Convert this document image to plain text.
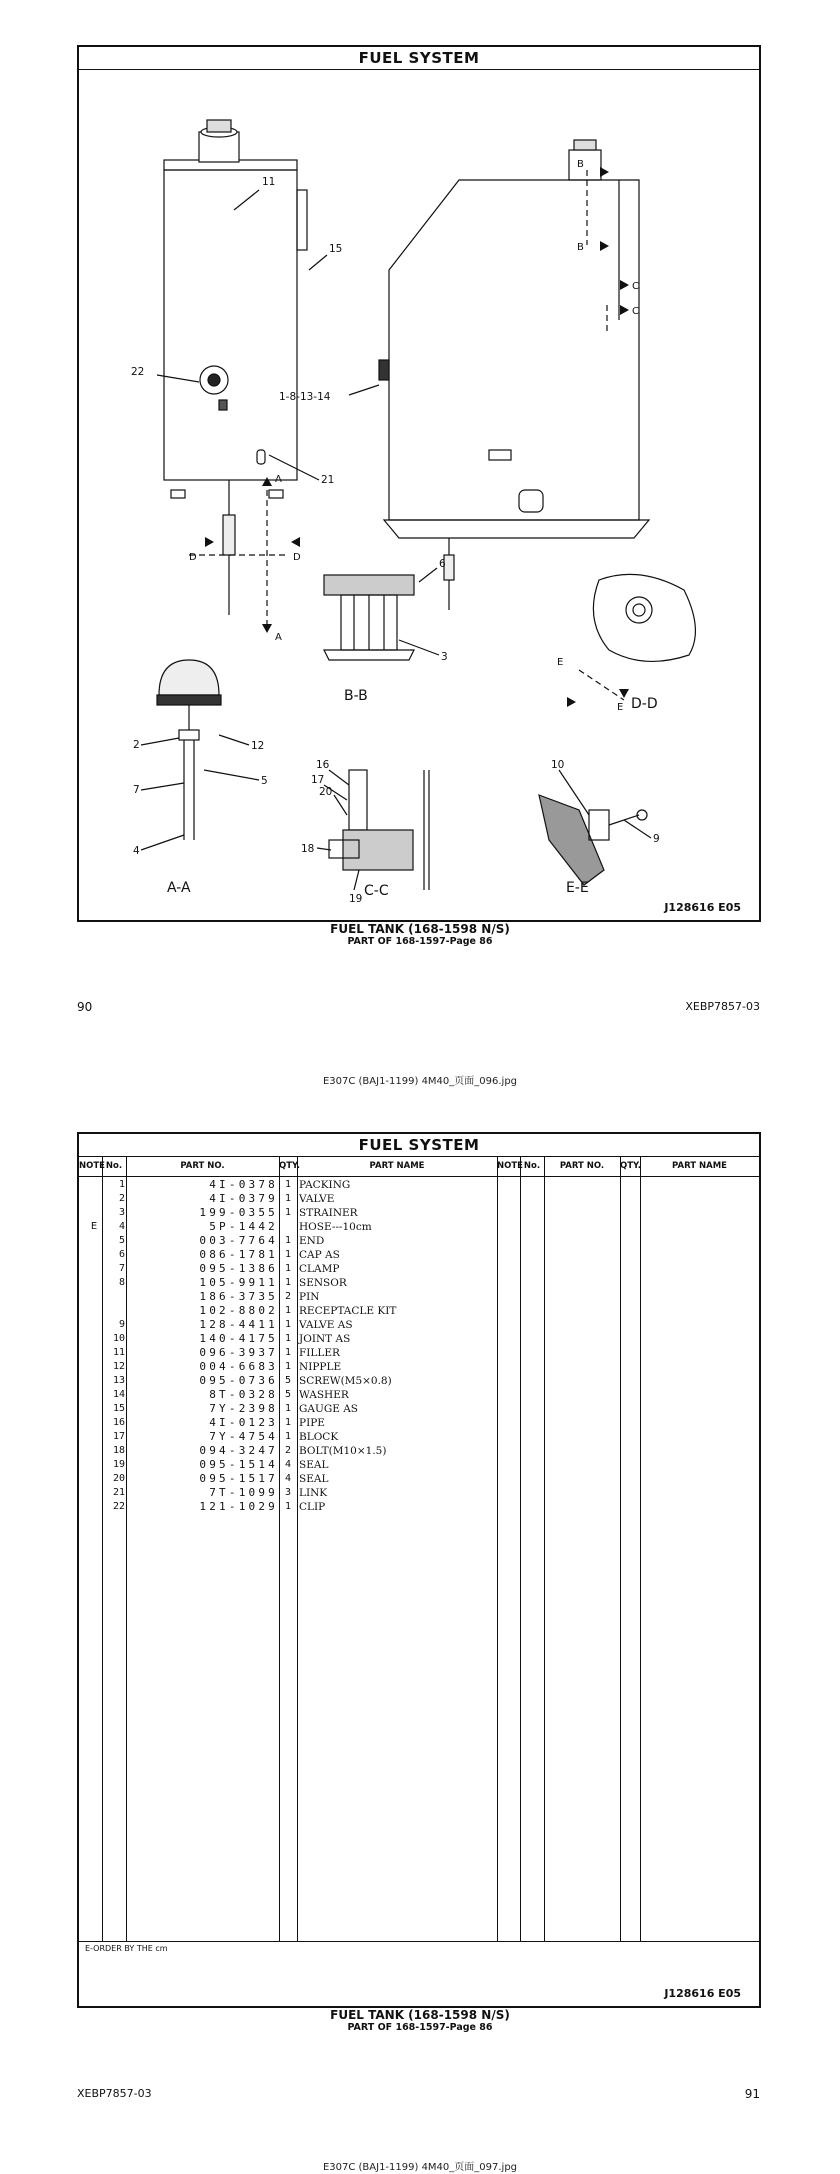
FUEL SYSTEM
11
15
22
21
1-8-13-14
6
3
2	12
5
7
4
16
17
20
18
19
10
9
A
A
D	D
B
B
C
C
E
E
B-B	D-D
A-A	C-C	E-E
J128616 E05
FUEL TANK (168-1598 N/S)
PART OF 168-1597-Page 86
90	XEBP7857-03
E307C (BAJ1-1199) 4M40_页面_096.jpg
FUEL SYSTEM
NOTE No.	PART NO.	QTY.	PART NAME	NOTE No.	PART NO.	QTY.	PART NAME
E-ORDER BY THE cm
J128616 E05
1	4I-0378 1 PACKING
2	4I-0379 1 VALVE
3	199-0355 1 STRAINER
E	4	5P-1442 HOSE---10cm
5	003-7764 1 END
6	086-1781 1 CAP AS
7	095-1386 1 CLAMP
8	105-9911 1 SENSOR
186-3735 2 PIN
102-8802 1 RECEPTACLE KIT
9	128-4411 1 VALVE AS
10	140-4175 1 JOINT AS
11	096-3937 1 FILLER
12	004-6683 1 NIPPLE
13	095-0736 5 SCREW(M5×0.8)
14	8T-0328 5 WASHER
15	7Y-2398 1 GAUGE AS
16	4I-0123 1 PIPE
17	7Y-4754 1 BLOCK
18	094-3247 2 BOLT(M10×1.5)
19	095-1514 4 SEAL
20	095-1517 4 SEAL
21	7T-1099 3 LINK
22	121-1029 1 CLIP
FUEL TANK (168-1598 N/S)
PART OF 168-1597-Page 86
XEBP7857-03	91
E307C (BAJ1-1199) 4M40_页面_097.jpg
